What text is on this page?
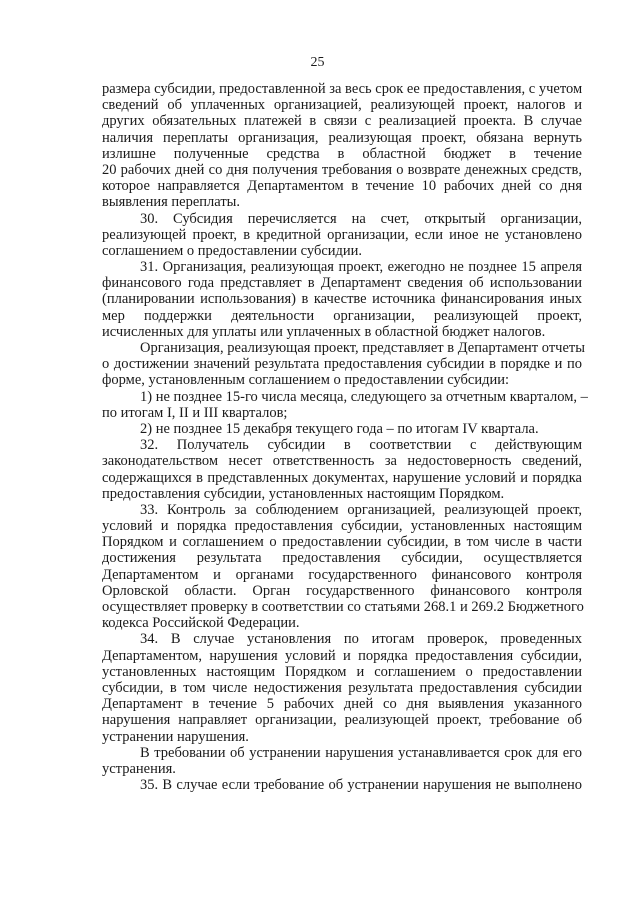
25
размера субсидии, предоставленной за весь срок ее предоставления, с учетом
сведений об уплаченных организацией, реализующей проект, налогов и
других обязательных платежей в связи с реализацией проекта. В случае
наличия переплаты организация, реализующая проект, обязана вернуть
излишне полученные средства в областной бюджет в течение
20 рабочих дней со дня получения требования о возврате денежных средств,
которое направляется Департаментом в течение 10 рабочих дней со дня
выявления переплаты.
30. Субсидия перечисляется на счет, открытый организации,
реализующей проект, в кредитной организации, если иное не установлено
соглашением о предоставлении субсидии.
31. Организация, реализующая проект, ежегодно не позднее 15 апреля
финансового года представляет в Департамент сведения об использовании
(планировании использования) в качестве источника финансирования иных
мер поддержки деятельности организации, реализующей проект,
исчисленных для уплаты или уплаченных в областной бюджет налогов.
Организация, реализующая проект, представляет в Департамент отчеты
о достижении значений результата предоставления субсидии в порядке и по
форме, установленным соглашением о предоставлении субсидии:
1) не позднее 15-го числа месяца, следующего за отчетным кварталом, –
по итогам I, II и III кварталов;
2) не позднее 15 декабря текущего года – по итогам IV квартала.
32. Получатель субсидии в соответствии с действующим
законодательством несет ответственность за недостоверность сведений,
содержащихся в представленных документах, нарушение условий и порядка
предоставления субсидии, установленных настоящим Порядком.
33. Контроль за соблюдением организацией, реализующей проект,
условий и порядка предоставления субсидии, установленных настоящим
Порядком и соглашением о предоставлении субсидии, в том числе в части
достижения результата предоставления субсидии, осуществляется
Департаментом и органами государственного финансового контроля
Орловской области. Орган государственного финансового контроля
осуществляет проверку в соответствии со статьями 268.1 и 269.2 Бюджетного
кодекса Российской Федерации.
34. В случае установления по итогам проверок, проведенных
Департаментом, нарушения условий и порядка предоставления субсидии,
установленных настоящим Порядком и соглашением о предоставлении
субсидии, в том числе недостижения результата предоставления субсидии
Департамент в течение 5 рабочих дней со дня выявления указанного
нарушения направляет организации, реализующей проект, требование об
устранении нарушения.
В требовании об устранении нарушения устанавливается срок для его
устранения.
35. В случае если требование об устранении нарушения не выполнено
